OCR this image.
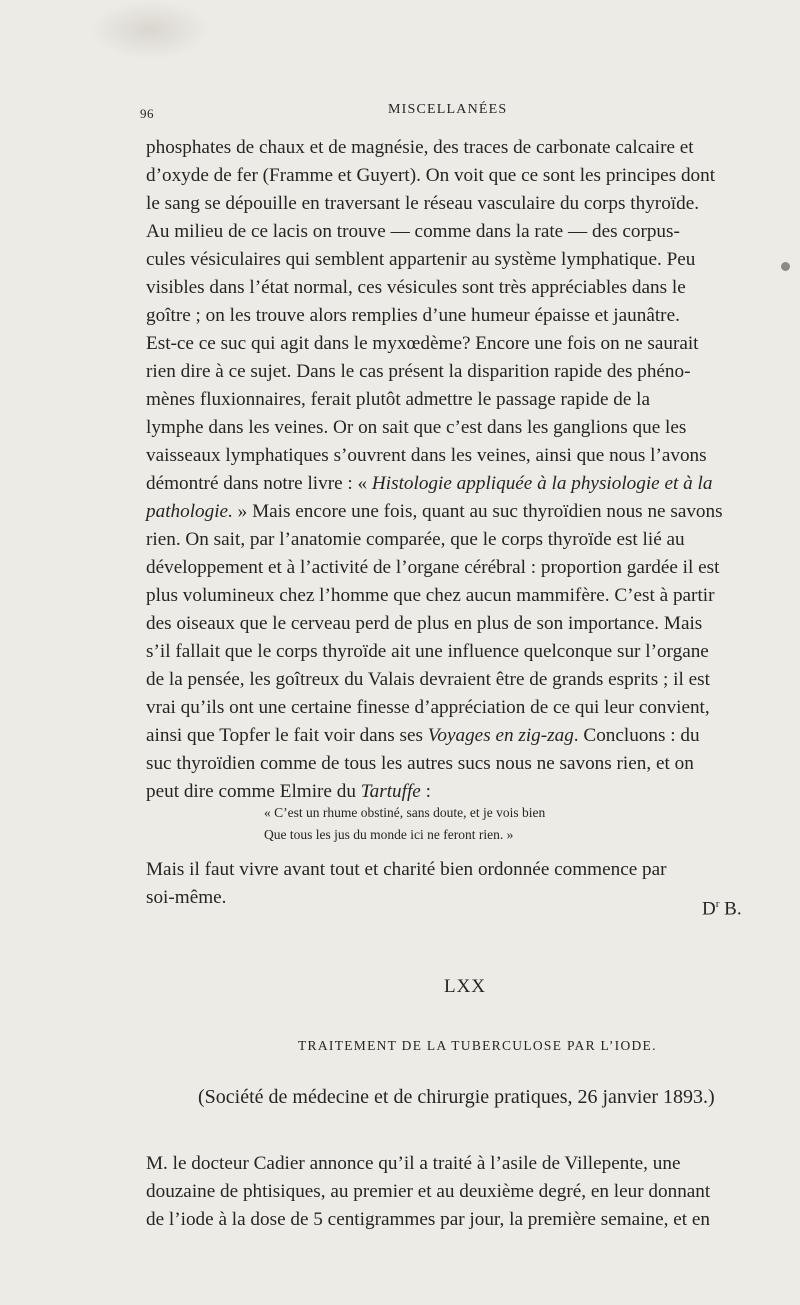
96	MISCELLANÉES

phosphates de chaux et de magnésie, des traces de carbonate calcaire et
d’oxyde de fer (Framme et Guyert). On voit que ce sont les principes dont
le sang se dépouille en traversant le réseau vasculaire du corps thyroïde.
Au milieu de ce lacis on trouve — comme dans la rate — des corpus-
cules vésiculaires qui semblent appartenir au système lymphatique. Peu
visibles dans l’état normal, ces vésicules sont très appréciables dans le
goître ; on les trouve alors remplies d’une humeur épaisse et jaunâtre.
Est-ce ce suc qui agit dans le myxœdème? Encore une fois on ne saurait
rien dire à ce sujet. Dans le cas présent la disparition rapide des phéno-
mènes fluxionnaires, ferait plutôt admettre le passage rapide de la
lymphe dans les veines. Or on sait que c’est dans les ganglions que les
vaisseaux lymphatiques s’ouvrent dans les veines, ainsi que nous l’avons
démontré dans notre livre : « Histologie appliquée à la physiologie et à la
pathologie. » Mais encore une fois, quant au suc thyroïdien nous ne savons
rien. On sait, par l’anatomie comparée, que le corps thyroïde est lié au
développement et à l’activité de l’organe cérébral : proportion gardée il est
plus volumineux chez l’homme que chez aucun mammifère. C’est à partir
des oiseaux que le cerveau perd de plus en plus de son importance. Mais
s’il fallait que le corps thyroïde ait une influence quelconque sur l’organe
de la pensée, les goîtreux du Valais devraient être de grands esprits ; il est
vrai qu’ils ont une certaine finesse d’appréciation de ce qui leur convient,
ainsi que Topfer le fait voir dans ses Voyages en zig-zag. Concluons : du
suc thyroïdien comme de tous les autres sucs nous ne savons rien, et on
peut dire comme Elmire du Tartuffe :

« C’est un rhume obstiné, sans doute, et je vois bien
Que tous les jus du monde ici ne feront rien. »

Mais il faut vivre avant tout et charité bien ordonnée commence par
soi-même.

$D^r$ B.
LXX
TRAITEMENT DE LA TUBERCULOSE PAR L’IODE.
(Société de médecine et de chirurgie pratiques, 26 janvier 1893.)

M. le docteur Cadier annonce qu’il a traité à l’asile de Villepente, une
douzaine de phtisiques, au premier et au deuxième degré, en leur donnant
de l’iode à la dose de 5 centigrammes par jour, la première semaine, et en
